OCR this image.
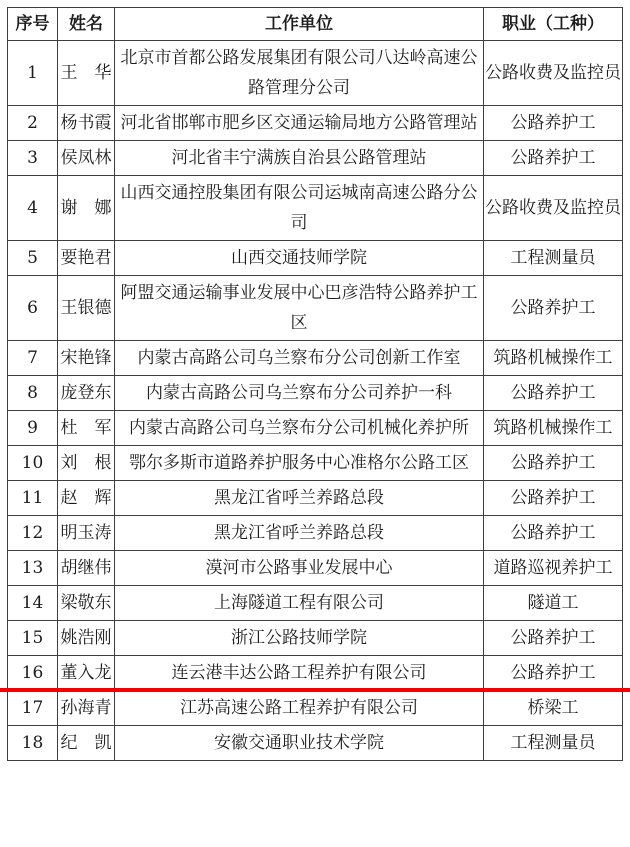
序号	姓名	工作单位	职业（工种）
1	王　华	北京市首都公路发展集团有限公司八达岭高速公路管理分公司	公路收费及监控员
2	杨书霞	河北省邯郸市肥乡区交通运输局地方公路管理站	公路养护工
3	侯凤林	河北省丰宁满族自治县公路管理站	公路养护工
4	谢　娜	山西交通控股集团有限公司运城南高速公路分公司	公路收费及监控员
5	要艳君	山西交通技师学院	工程测量员
6	王银德	阿盟交通运输事业发展中心巴彦浩特公路养护工区	公路养护工
7	宋艳锋	内蒙古高路公司乌兰察布分公司创新工作室	筑路机械操作工
8	庞登东	内蒙古高路公司乌兰察布分公司养护一科	公路养护工
9	杜　军	内蒙古高路公司乌兰察布分公司机械化养护所	筑路机械操作工
10	刘　根	鄂尔多斯市道路养护服务中心准格尔公路工区	公路养护工
11	赵　辉	黑龙江省呼兰养路总段	公路养护工
12	明玉涛	黑龙江省呼兰养路总段	公路养护工
13	胡继伟	漠河市公路事业发展中心	道路巡视养护工
14	梁敬东	上海隧道工程有限公司	隧道工
15	姚浩刚	浙江公路技师学院	公路养护工
16	董入龙	连云港丰达公路工程养护有限公司	公路养护工
17	孙海青	江苏高速公路工程养护有限公司	桥梁工
18	纪　凯	安徽交通职业技术学院	工程测量员
